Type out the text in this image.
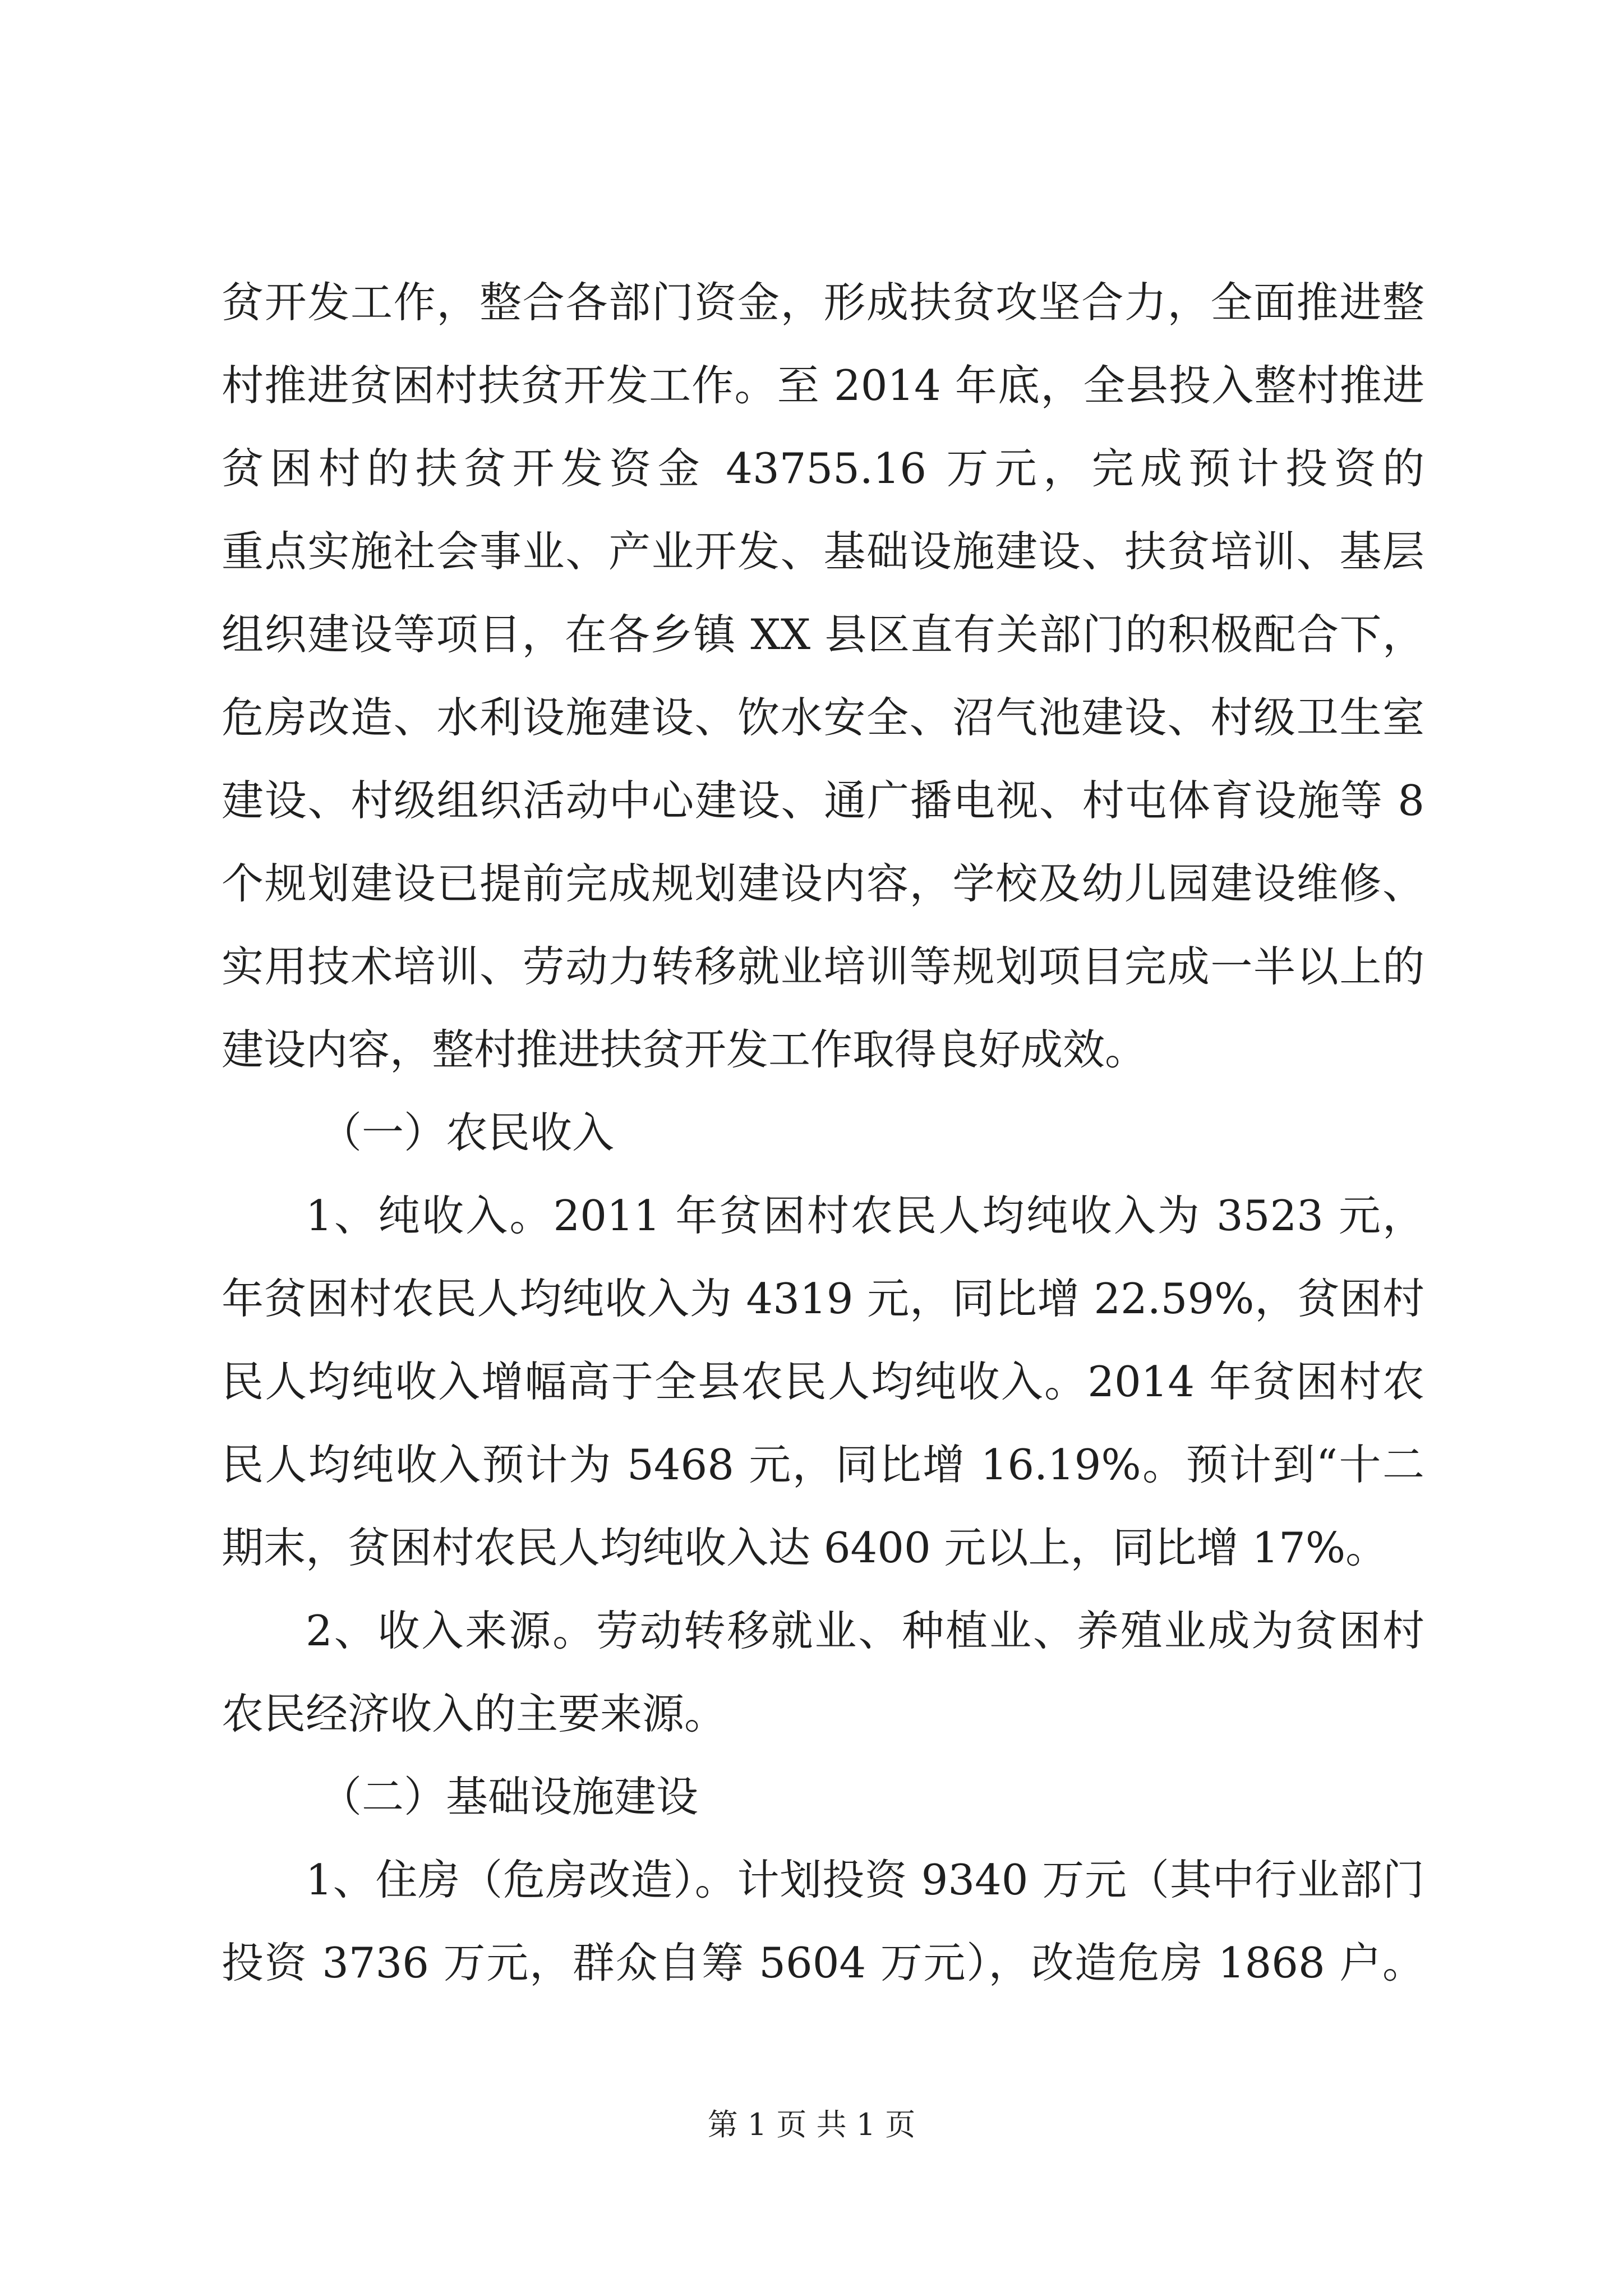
贫开发工作，整合各部门资金，形成扶贫攻坚合力，全面推进整
村推进贫困村扶贫开发工作。至 2014 年底，全县投入整村推进
贫困村的扶贫开发资金 43755.16 万元，完成预计投资的
重点实施社会事业、产业开发、基础设施建设、扶贫培训、基层
组织建设等项目，在各乡镇 XX 县区直有关部门的积极配合下，
危房改造、水利设施建设、饮水安全、沼气池建设、村级卫生室
建设、村级组织活动中心建设、通广播电视、村屯体育设施等 8
个规划建设已提前完成规划建设内容，学校及幼儿园建设维修、
实用技术培训、劳动力转移就业培训等规划项目完成一半以上的
建设内容，整村推进扶贫开发工作取得良好成效。
（一）农民收入
1、纯收入。2011 年贫困村农民人均纯收入为 3523 元，
年贫困村农民人均纯收入为 4319 元，同比增 22.59%，贫困村
民人均纯收入增幅高于全县农民人均纯收入。2014 年贫困村农
民人均纯收入预计为 5468 元，同比增 16.19%。预计到“十二
期末，贫困村农民人均纯收入达 6400 元以上，同比增 17%。
2、收入来源。劳动转移就业、种植业、养殖业成为贫困村
农民经济收入的主要来源。
（二）基础设施建设
1、住房（危房改造）。计划投资 9340 万元（其中行业部门
投资 3736 万元，群众自筹 5604 万元），改造危房 1868 户。
第 1 页 共 1 页
